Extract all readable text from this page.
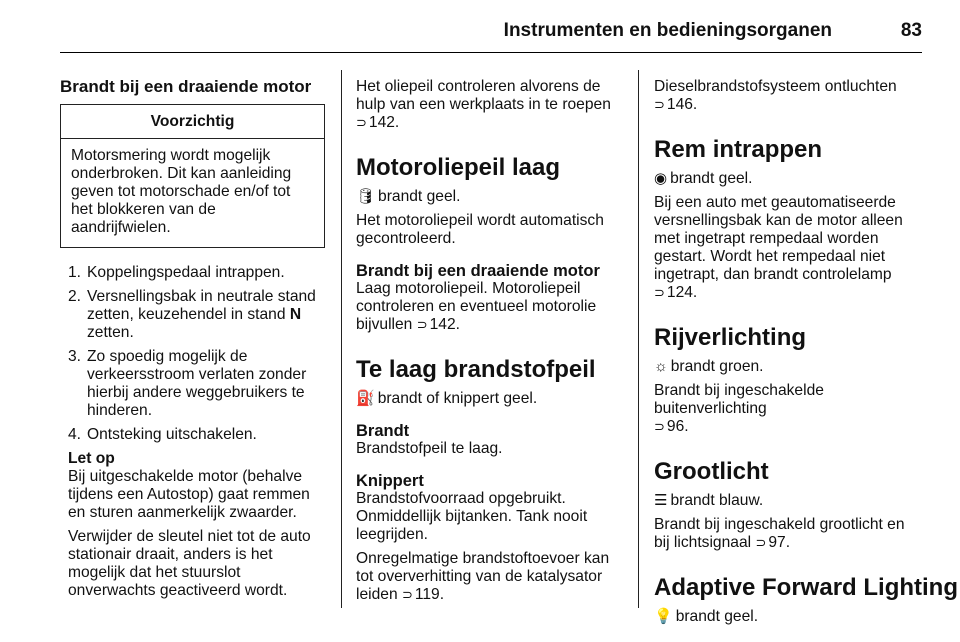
Instrumenten en bedieningsorganen	83
Brandt bij een draaiende motor
Voorzichtig
Motorsmering wordt mogelijk onderbroken. Dit kan aanleiding geven tot motorschade en/of tot het blokkeren van de aandrijfwielen.
1. Koppelingspedaal intrappen.
2. Versnellingsbak in neutrale stand zetten, keuzehendel in stand N zetten.
3. Zo spoedig mogelijk de verkeersstroom verlaten zonder hierbij andere weggebruikers te hinderen.
4. Ontsteking uitschakelen.

Let op

Bij uitgeschakelde motor (behalve tijdens een Autostop) gaat remmen en sturen aanmerkelijk zwaarder.

Verwijder de sleutel niet tot de auto stationair draait, anders is het mogelijk dat het stuurslot onverwachts geactiveerd wordt.

Het oliepeil controleren alvorens de hulp van een werkplaats in te roepen ⊃ 142.

Motoroliepeil laag

🛢 brandt geel.

Het motoroliepeil wordt automatisch gecontroleerd.

Brandt bij een draaiende motor

Laag motoroliepeil. Motoroliepeil controleren en eventueel motorolie bijvullen ⊃ 142.

Te laag brandstofpeil

⛽ brandt of knippert geel.

Brandt

Brandstofpeil te laag.

Knippert

Brandstofvoorraad opgebruikt. Onmiddellijk bijtanken. Tank nooit leegrijden.

Onregelmatige brandstoftoevoer kan tot oververhitting van de katalysator leiden ⊃ 119.

Dieselbrandstofsysteem ontluchten
⊃ 146.

Rem intrappen

◉ brandt geel.

Bij een auto met geautomatiseerde versnellingsbak kan de motor alleen met ingetrapt rempedaal worden gestart. Wordt het rempedaal niet ingetrapt, dan brandt controlelamp
⊃ 124.

Rijverlichting

☼ brandt groen.

Brandt bij ingeschakelde buitenverlichting
⊃ 96.

Grootlicht

☰ brandt blauw.

Brandt bij ingeschakeld grootlicht en bij lichtsignaal ⊃ 97.

Adaptive Forward Lighting

💡 brandt geel.
